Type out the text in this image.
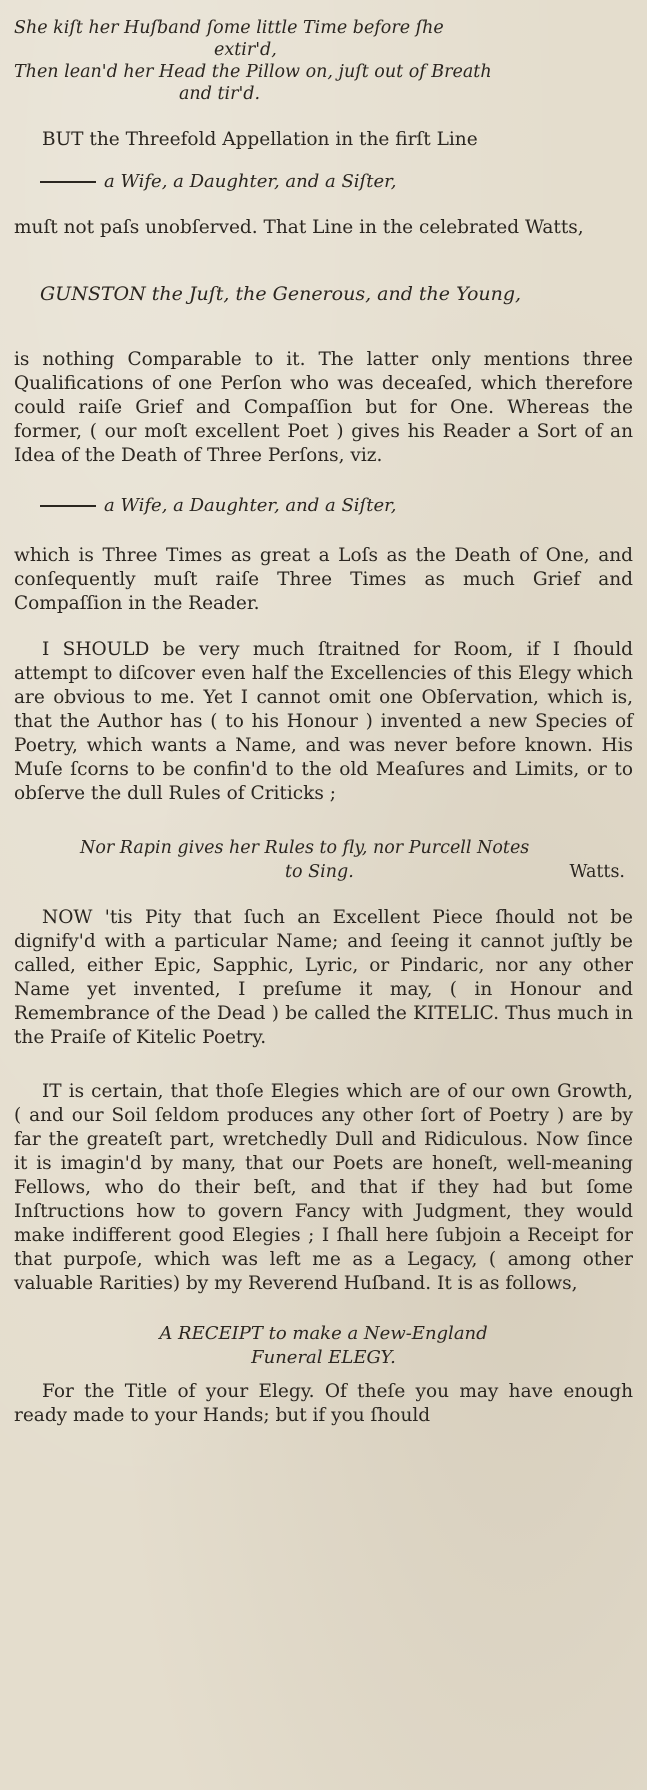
She kiſt her Huſband ſome little Time before ſhe
extir'd,
Then lean'd her Head the Pillow on, juſt out of Breath
and tir'd.

BUT the Threefold Appellation in the firſt Line

a Wife, a Daughter, and a Siſter,

muſt not paſs unobſerved. That Line in the celebrated Watts,

GUNSTON the Juſt, the Generous, and the Young,

is nothing Comparable to it. The latter only mentions three Qualifications of one Perſon who was deceaſed, which therefore could raiſe Grief and Compaſſion but for One. Whereas the former, ( our moſt excellent Poet ) gives his Reader a Sort of an Idea of the Death of Three Perſons, viz.

a Wife, a Daughter, and a Siſter,

which is Three Times as great a Loſs as the Death of One, and conſequently muſt raiſe Three Times as much Grief and Compaſſion in the Reader.

I SHOULD be very much ſtraitned for Room, if I ſhould attempt to diſcover even half the Excellencies of this Elegy which are obvious to me. Yet I cannot omit one Obſervation, which is, that the Author has ( to his Honour ) invented a new Species of Poetry, which wants a Name, and was never before known. His Muſe ſcorns to be confin'd to the old Meaſures and Limits, or to obſerve the dull Rules of Criticks ;

Nor Rapin gives her Rules to fly, nor Purcell Notes
to Sing.	Watts.

NOW 'tis Pity that ſuch an Excellent Piece ſhould not be dignify'd with a particular Name; and ſeeing it cannot juſtly be called, either Epic, Sapphic, Lyric, or Pindaric, nor any other Name yet invented, I preſume it may, ( in Honour and Remembrance of the Dead ) be called the KITELIC. Thus much in the Praiſe of Kitelic Poetry.

IT is certain, that thoſe Elegies which are of our own Growth, ( and our Soil ſeldom produces any other ſort of Poetry ) are by far the greateſt part, wretchedly Dull and Ridiculous. Now ſince it is imagin'd by many, that our Poets are honeſt, well-meaning Fellows, who do their beſt, and that if they had but ſome Inſtructions how to govern Fancy with Judgment, they would make indifferent good Elegies ; I ſhall here ſubjoin a Receipt for that purpoſe, which was left me as a Legacy, ( among other valuable Rarities) by my Reverend Huſband. It is as follows,

A RECEIPT to make a New-England
Funeral ELEGY.

For the Title of your Elegy. Of theſe you may have enough ready made to your Hands; but if you ſhould
